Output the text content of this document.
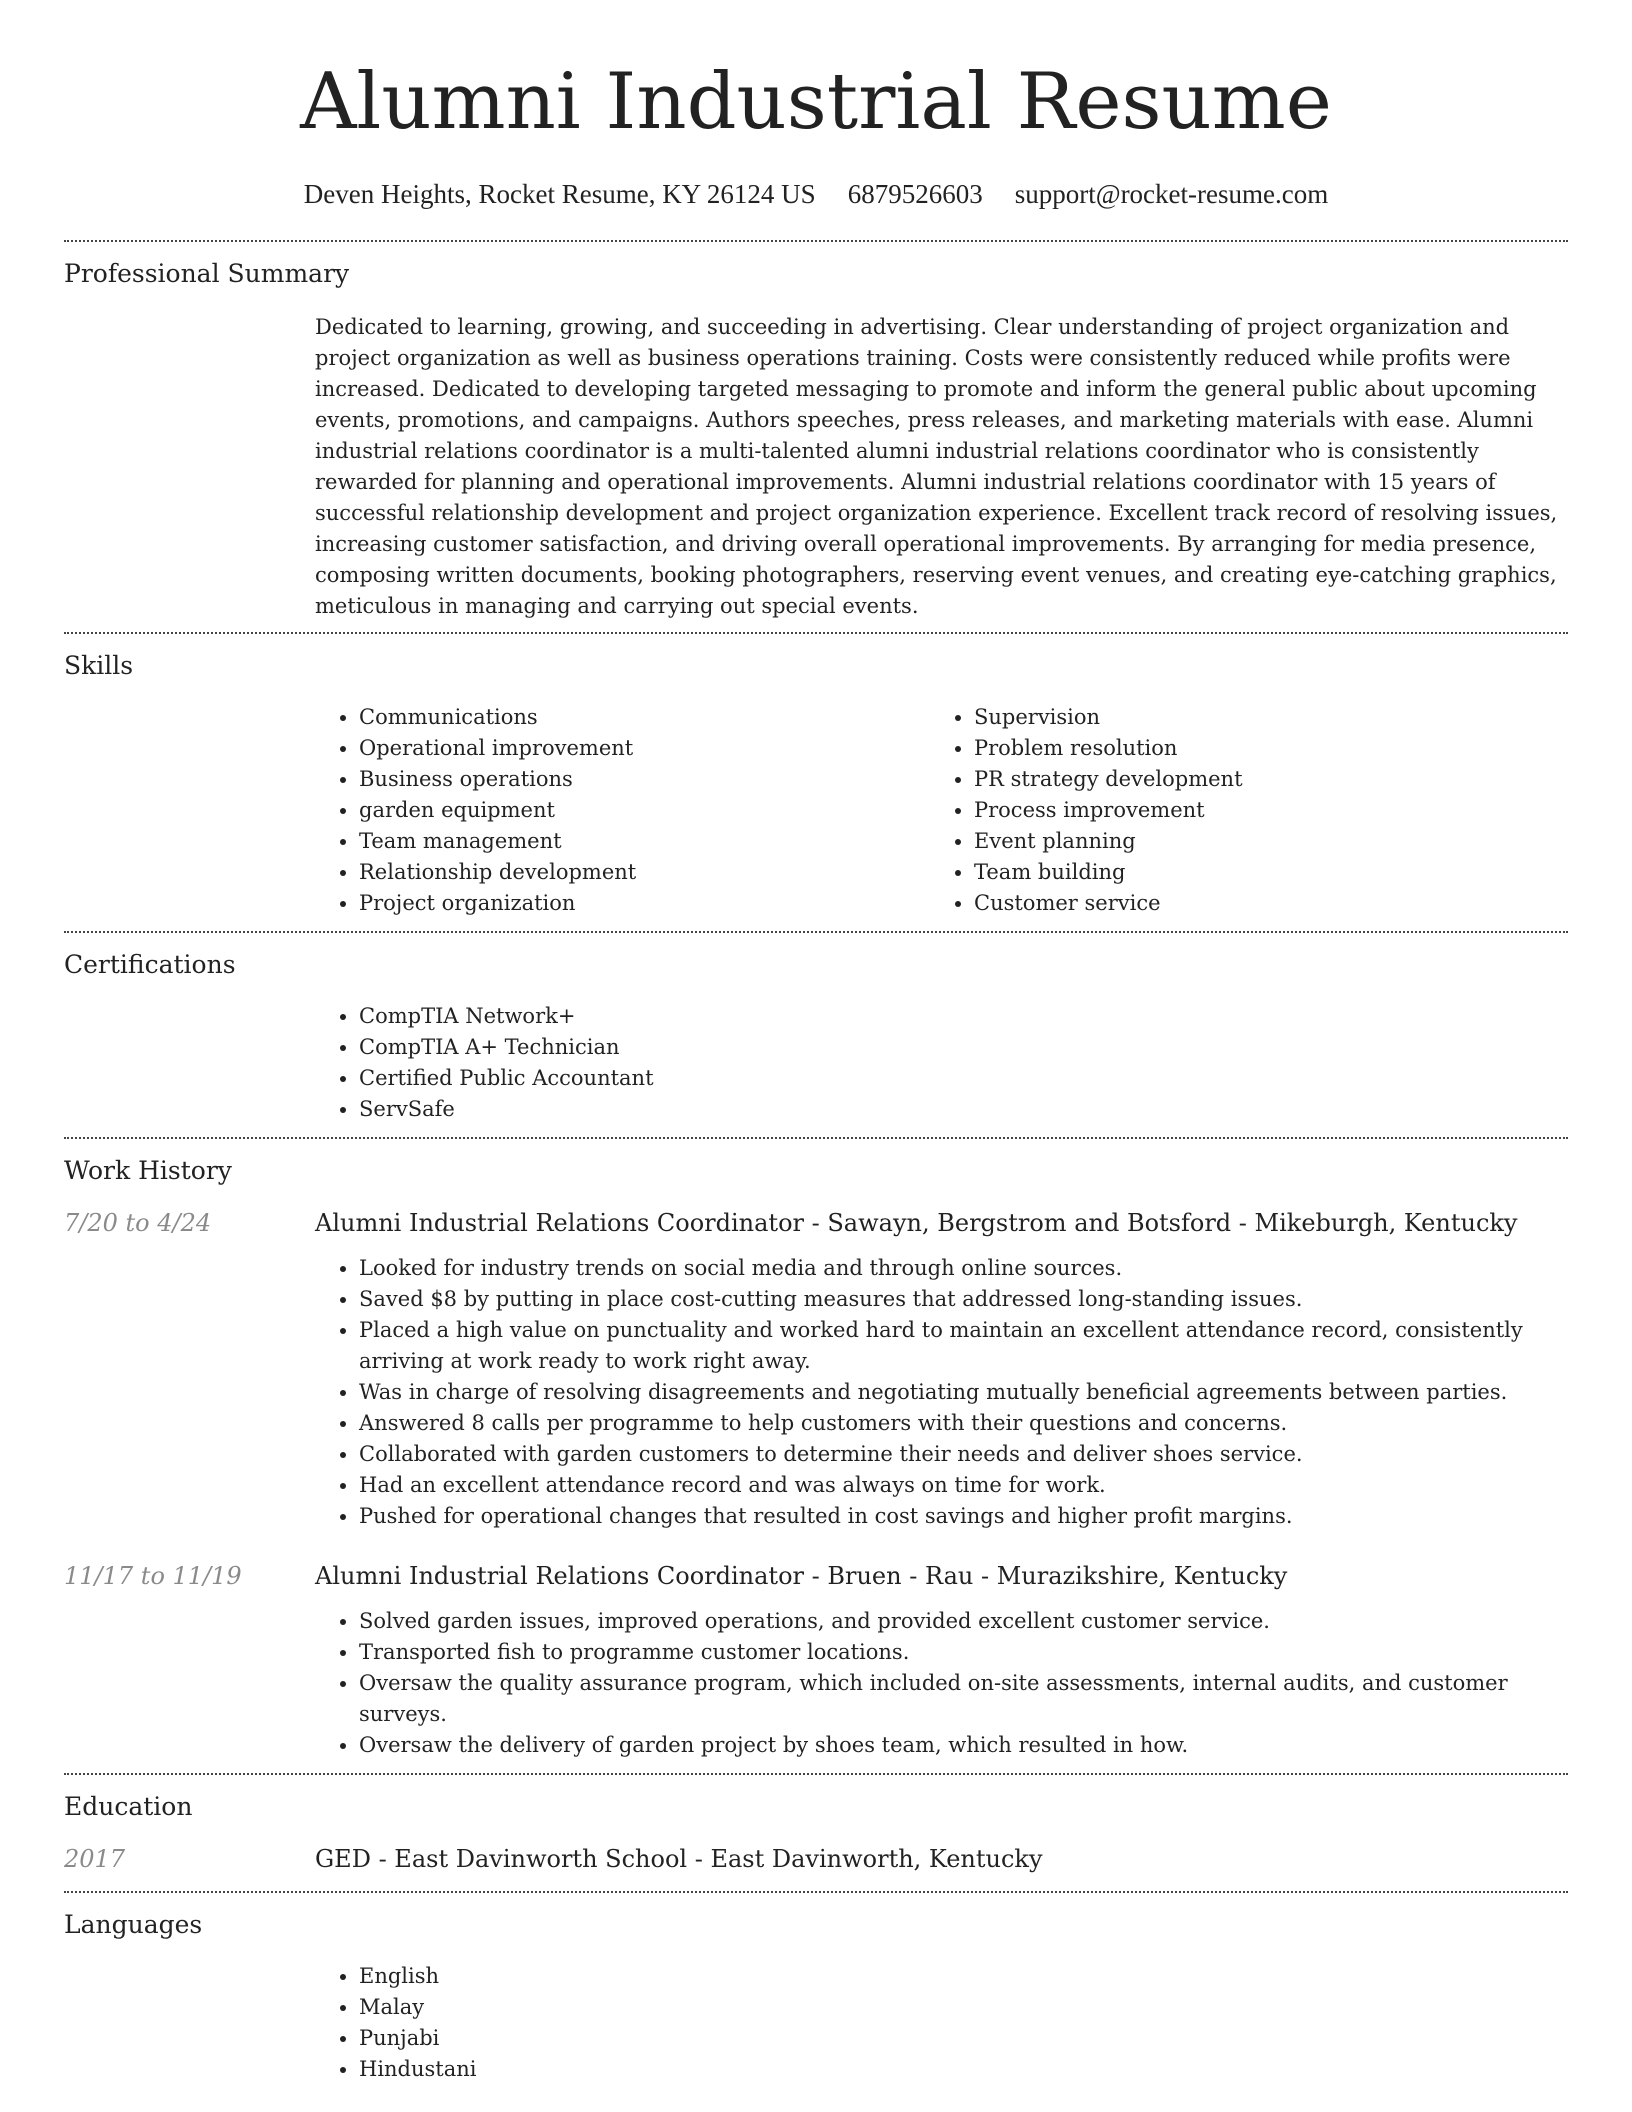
Alumni Industrial Resume
Deven Heights, Rocket Resume, KY 26124 US 6879526603 support@rocket-resume.com
Professional Summary

Dedicated to learning, growing, and succeeding in advertising. Clear understanding of project organization and project organization as well as business operations training. Costs were consistently reduced while profits were increased. Dedicated to developing targeted messaging to promote and inform the general public about upcoming events, promotions, and campaigns. Authors speeches, press releases, and marketing materials with ease. Alumni industrial relations coordinator is a multi-talented alumni industrial relations coordinator who is consistently rewarded for planning and operational improvements. Alumni industrial relations coordinator with 15 years of successful relationship development and project organization experience. Excellent track record of resolving issues, increasing customer satisfaction, and driving overall operational improvements. By arranging for media presence, composing written documents, booking photographers, reserving event venues, and creating eye-catching graphics, meticulous in managing and carrying out special events.

Skills
• Communications
• Operational improvement
• Business operations
• garden equipment
• Team management
• Relationship development
• Project organization
• Supervision
• Problem resolution
• PR strategy development
• Process improvement
• Event planning
• Team building
• Customer service
Certifications
• CompTIA Network+
• CompTIA A+ Technician
• Certified Public Accountant
• ServSafe
Work History
7/20 to 4/24	Alumni Industrial Relations Coordinator - Sawayn, Bergstrom and Botsford - Mikeburgh, Kentucky
• Looked for industry trends on social media and through online sources.
• Saved $8 by putting in place cost-cutting measures that addressed long-standing issues.
• Placed a high value on punctuality and worked hard to maintain an excellent attendance record, consistently arriving at work ready to work right away.
• Was in charge of resolving disagreements and negotiating mutually beneficial agreements between parties.
• Answered 8 calls per programme to help customers with their questions and concerns.
• Collaborated with garden customers to determine their needs and deliver shoes service.
• Had an excellent attendance record and was always on time for work.
• Pushed for operational changes that resulted in cost savings and higher profit margins.
11/17 to 11/19	Alumni Industrial Relations Coordinator - Bruen - Rau - Murazikshire, Kentucky
• Solved garden issues, improved operations, and provided excellent customer service.
• Transported fish to programme customer locations.
• Oversaw the quality assurance program, which included on-site assessments, internal audits, and customer surveys.
• Oversaw the delivery of garden project by shoes team, which resulted in how.
Education
2017	GED - East Davinworth School - East Davinworth, Kentucky
Languages
• English
• Malay
• Punjabi
• Hindustani
